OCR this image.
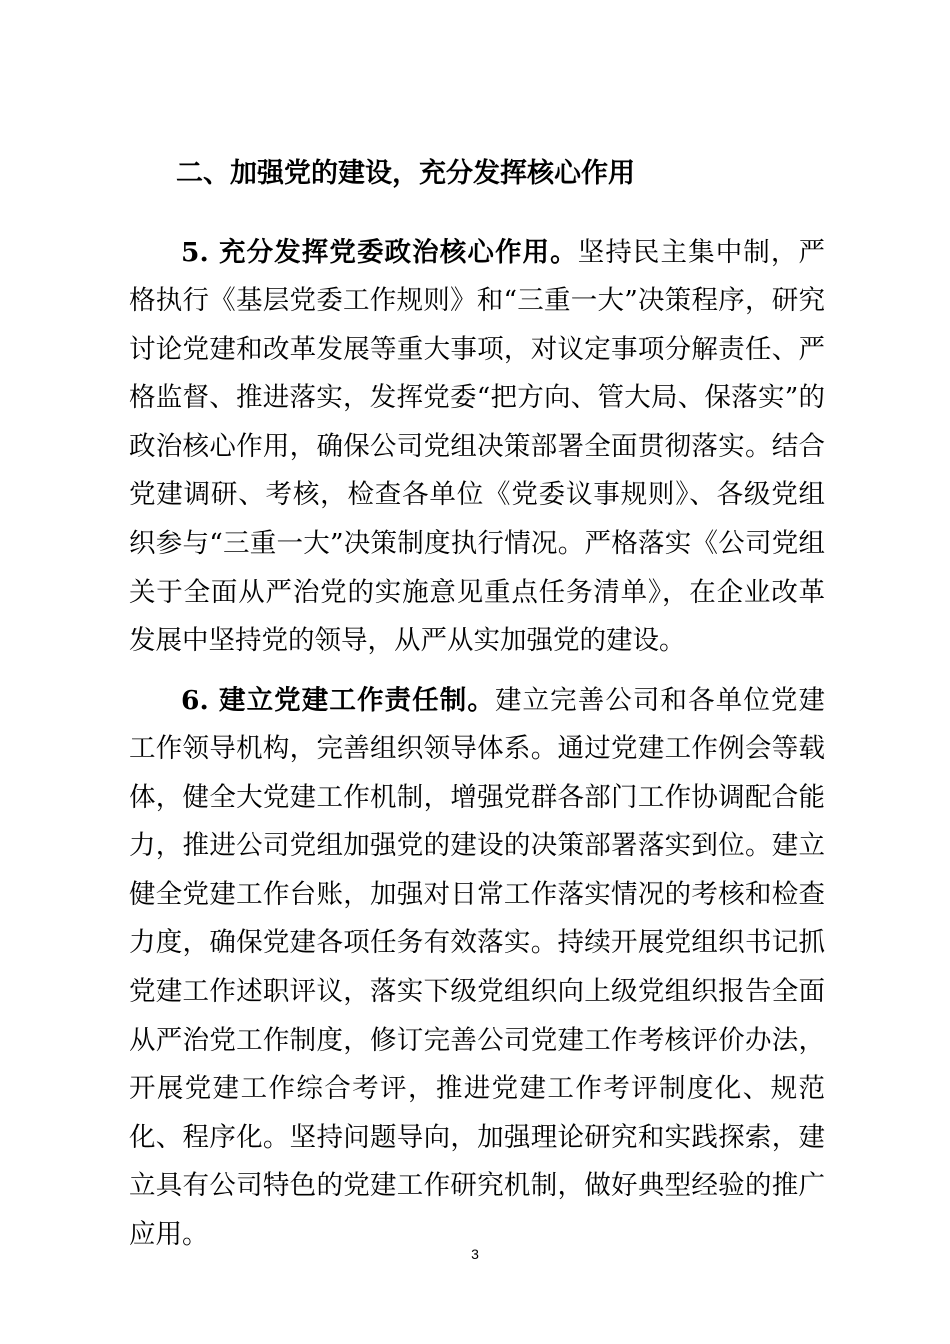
二、加强党的建设，充分发挥核心作用

5. 充分发挥党委政治核心作用。坚持民主集中制，严格执行《基层党委工作规则》和“三重一大”决策程序，研究讨论党建和改革发展等重大事项，对议定事项分解责任、严格监督、推进落实，发挥党委“把方向、管大局、保落实”的政治核心作用，确保公司党组决策部署全面贯彻落实。结合党建调研、考核，检查各单位《党委议事规则》、各级党组织参与“三重一大”决策制度执行情况。严格落实《公司党组关于全面从严治党的实施意见重点任务清单》，在企业改革发展中坚持党的领导，从严从实加强党的建设。

6. 建立党建工作责任制。建立完善公司和各单位党建工作领导机构，完善组织领导体系。通过党建工作例会等载体，健全大党建工作机制，增强党群各部门工作协调配合能力，推进公司党组加强党的建设的决策部署落实到位。建立健全党建工作台账，加强对日常工作落实情况的考核和检查力度，确保党建各项任务有效落实。持续开展党组织书记抓党建工作述职评议，落实下级党组织向上级党组织报告全面从严治党工作制度，修订完善公司党建工作考核评价办法，开展党建工作综合考评，推进党建工作考评制度化、规范化、程序化。坚持问题导向，加强理论研究和实践探索，建立具有公司特色的党建工作研究机制，做好典型经验的推广应用。

3
